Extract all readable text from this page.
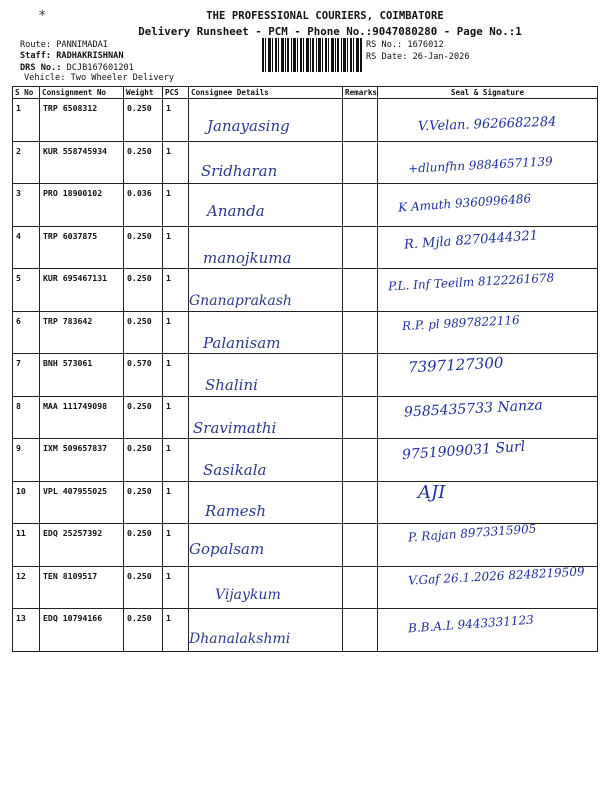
*	THE PROFESSIONAL COURIERS, COIMBATORE
Delivery Runsheet - PCM - Phone No.:9047080280 - Page No.:1
Route: PANNIMADAI
Staff: RADHAKRISHNAN
DRS No.: DCJB167601201
Vehicle: Two Wheeler Delivery
RS No.: 1676012
RS Date: 26-Jan-2026
S No	Consignment No	Weight	PCS	Consignee Details	Remarks	Seal & Signature
1	TRP 6508312	0.250	1	Janayasing		V.Velan. 9626682284

2	KUR 558745934	0.250	1	Sridharan		+dlunfhn 98846571139

3	PRO 18900102	0.036	1	Ananda		K Amuth 9360996486

4	TRP 6037875	0.250	1	manojkuma		R. Mjla 8270444321

5	KUR 695467131	0.250	1	Gnanaprakash		P.L. Inf Teeilm 8122261678

6	TRP 783642	0.250	1	Palanisam		R.P. pl 9897822116

7	BNH 573061	0.570	1	Shalini		7397127300

8	MAA 111749098	0.250	1	Sravimathi		9585435733 Nanza

9	IXM 509657837	0.250	1	Sasikala		9751909031 Surl

10	VPL 407955025	0.250	1	Ramesh		AJI

11	EDQ 25257392	0.250	1	Gopalsam		P. Rajan 8973315905

12	TEN 8109517	0.250	1	Vijaykum		V.Gaf 26.1.2026 8248219509

13	EDQ 10794166	0.250	1	Dhanalakshmi		B.B.A.L 9443331123
